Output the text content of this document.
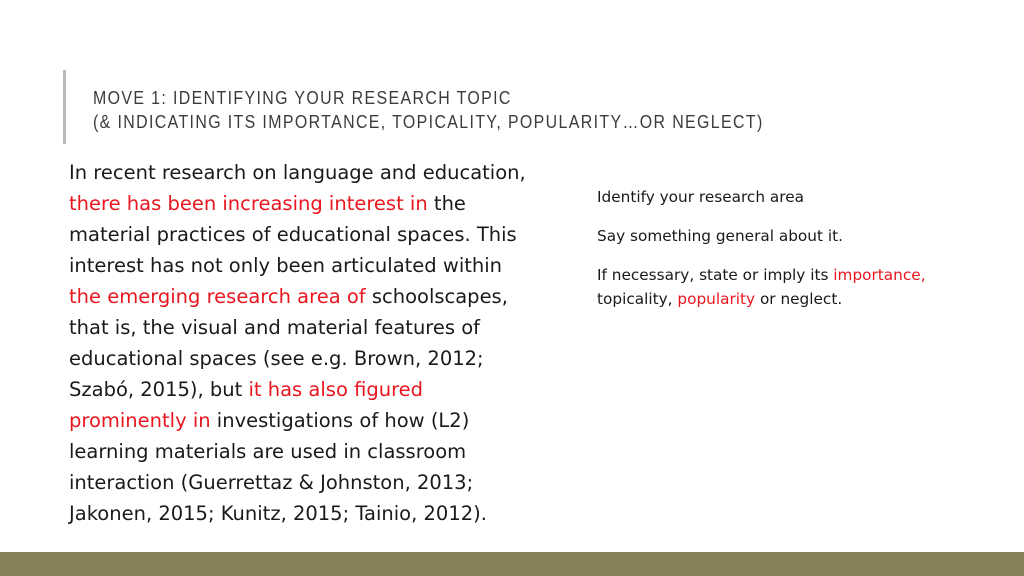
MOVE 1: IDENTIFYING YOUR RESEARCH TOPIC
(& INDICATING ITS IMPORTANCE, TOPICALITY, POPULARITY…OR NEGLECT)
In recent research on language and education,
there has been increasing interest in the
material practices of educational spaces. This
interest has not only been articulated within
the emerging research area of schoolscapes,
that is, the visual and material features of
educational spaces (see e.g. Brown, 2012;
Szabó, 2015), but it has also figured
prominently in investigations of how (L2)
learning materials are used in classroom
interaction (Guerrettaz & Johnston, 2013;
Jakonen, 2015; Kunitz, 2015; Tainio, 2012).

Identify your research area

Say something general about it.

If necessary, state or imply its importance,
topicality, popularity or neglect.
